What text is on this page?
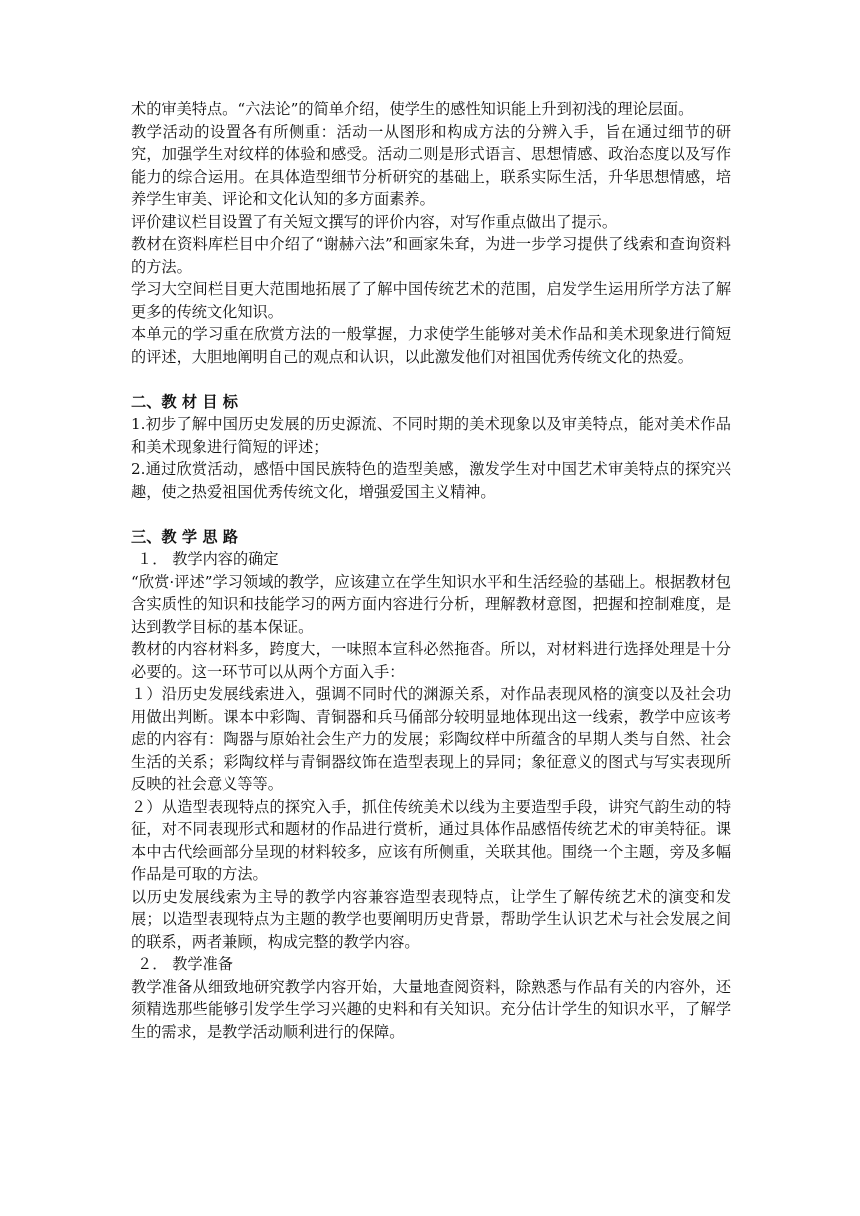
术的审美特点。“六法论”的简单介绍，使学生的感性知识能上升到初浅的理论层面。

教学活动的设置各有所侧重：活动一从图形和构成方法的分辨入手，旨在通过细节的研究，加强学生对纹样的体验和感受。活动二则是形式语言、思想情感、政治态度以及写作能力的综合运用。在具体造型细节分析研究的基础上，联系实际生活，升华思想情感，培养学生审美、评论和文化认知的多方面素养。

评价建议栏目设置了有关短文撰写的评价内容，对写作重点做出了提示。

教材在资料库栏目中介绍了“谢赫六法”和画家朱耷，为进一步学习提供了线索和查询资料的方法。

学习大空间栏目更大范围地拓展了了解中国传统艺术的范围，启发学生运用所学方法了解更多的传统文化知识。

本单元的学习重在欣赏方法的一般掌握，力求使学生能够对美术作品和美术现象进行简短的评述，大胆地阐明自己的观点和认识，以此激发他们对祖国优秀传统文化的热爱。

二、教 材 目 标

1.初步了解中国历史发展的历史源流、不同时期的美术现象以及审美特点，能对美术作品和美术现象进行简短的评述；

2.通过欣赏活动，感悟中国民族特色的造型美感，激发学生对中国艺术审美特点的探究兴趣，使之热爱祖国优秀传统文化，增强爱国主义精神。

三、教 学 思 路

１． 教学内容的确定

“欣赏·评述”学习领域的教学，应该建立在学生知识水平和生活经验的基础上。根据教材包含实质性的知识和技能学习的两方面内容进行分析，理解教材意图，把握和控制难度，是达到教学目标的基本保证。

教材的内容材料多，跨度大，一味照本宣科必然拖沓。所以，对材料进行选择处理是十分必要的。这一环节可以从两个方面入手：

１）沿历史发展线索进入，强调不同时代的渊源关系，对作品表现风格的演变以及社会功用做出判断。课本中彩陶、青铜器和兵马俑部分较明显地体现出这一线索，教学中应该考虑的内容有：陶器与原始社会生产力的发展；彩陶纹样中所蕴含的早期人类与自然、社会生活的关系；彩陶纹样与青铜器纹饰在造型表现上的异同；象征意义的图式与写实表现所反映的社会意义等等。

２）从造型表现特点的探究入手，抓住传统美术以线为主要造型手段，讲究气韵生动的特征，对不同表现形式和题材的作品进行赏析，通过具体作品感悟传统艺术的审美特征。课本中古代绘画部分呈现的材料较多，应该有所侧重，关联其他。围绕一个主题，旁及多幅作品是可取的方法。

以历史发展线索为主导的教学内容兼容造型表现特点，让学生了解传统艺术的演变和发展；以造型表现特点为主题的教学也要阐明历史背景，帮助学生认识艺术与社会发展之间的联系，两者兼顾，构成完整的教学内容。

２． 教学准备

教学准备从细致地研究教学内容开始，大量地查阅资料，除熟悉与作品有关的内容外，还须精选那些能够引发学生学习兴趣的史料和有关知识。充分估计学生的知识水平，了解学生的需求，是教学活动顺利进行的保障。
